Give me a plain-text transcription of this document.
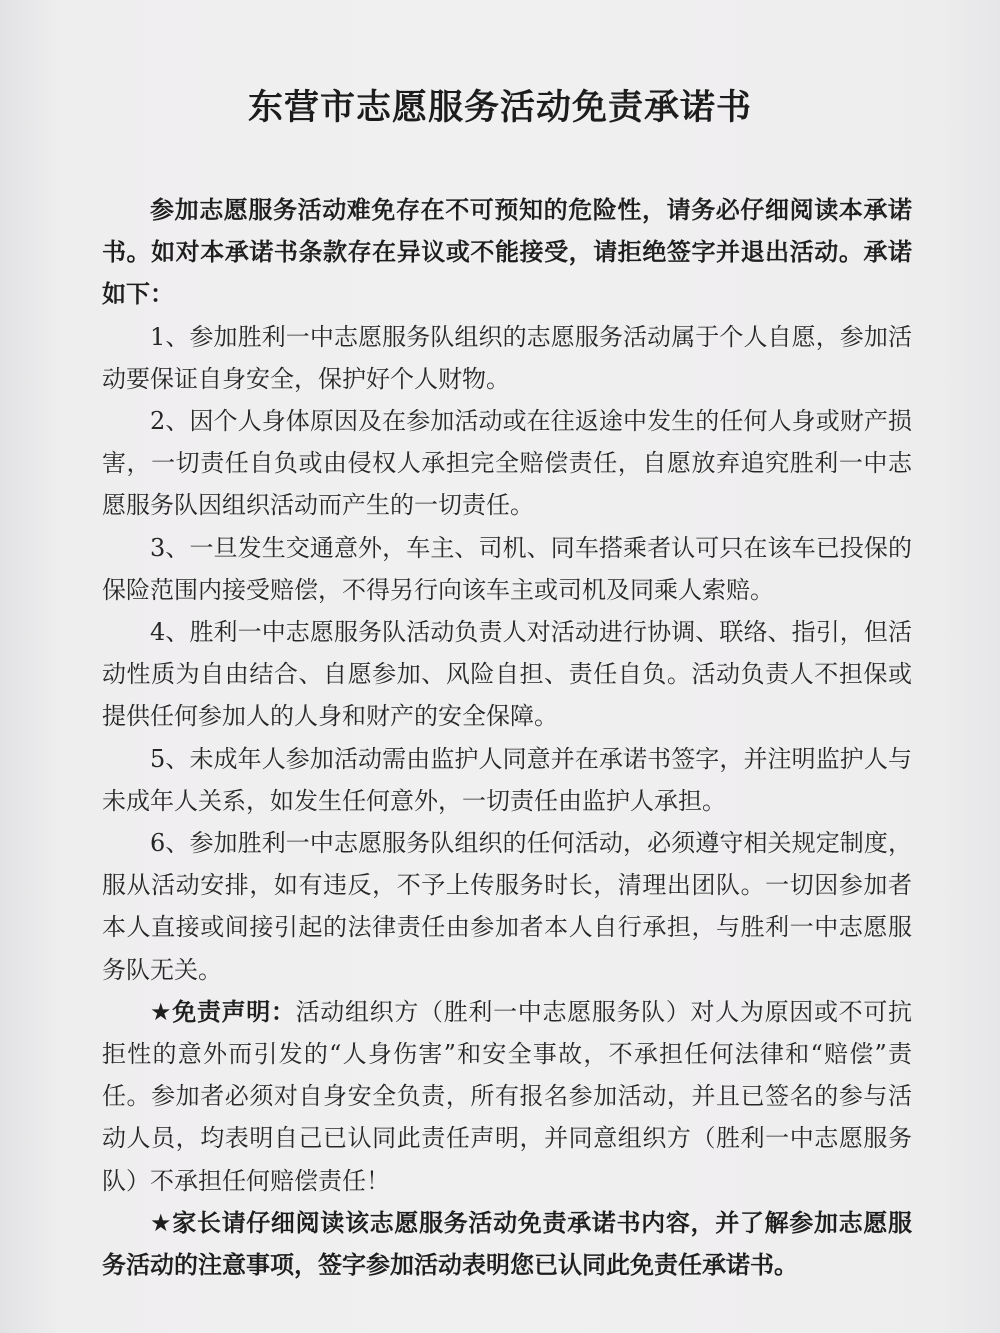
东营市志愿服务活动免责承诺书

参加志愿服务活动难免存在不可预知的危险性，请务必仔细阅读本承诺书。如对本承诺书条款存在异议或不能接受，请拒绝签字并退出活动。承诺如下：

1、参加胜利一中志愿服务队组织的志愿服务活动属于个人自愿，参加活动要保证自身安全，保护好个人财物。

2、因个人身体原因及在参加活动或在往返途中发生的任何人身或财产损害，一切责任自负或由侵权人承担完全赔偿责任，自愿放弃追究胜利一中志愿服务队因组织活动而产生的一切责任。

3、一旦发生交通意外，车主、司机、同车搭乘者认可只在该车已投保的保险范围内接受赔偿，不得另行向该车主或司机及同乘人索赔。

4、胜利一中志愿服务队活动负责人对活动进行协调、联络、指引，但活动性质为自由结合、自愿参加、风险自担、责任自负。活动负责人不担保或提供任何参加人的人身和财产的安全保障。

5、未成年人参加活动需由监护人同意并在承诺书签字，并注明监护人与未成年人关系，如发生任何意外，一切责任由监护人承担。

6、参加胜利一中志愿服务队组织的任何活动，必须遵守相关规定制度，服从活动安排，如有违反，不予上传服务时长，清理出团队。一切因参加者本人直接或间接引起的法律责任由参加者本人自行承担，与胜利一中志愿服务队无关。

★免责声明：活动组织方（胜利一中志愿服务队）对人为原因或不可抗拒性的意外而引发的“人身伤害”和安全事故，不承担任何法律和“赔偿”责任。参加者必须对自身安全负责，所有报名参加活动，并且已签名的参与活动人员，均表明自己已认同此责任声明，并同意组织方（胜利一中志愿服务队）不承担任何赔偿责任！

★家长请仔细阅读该志愿服务活动免责承诺书内容，并了解参加志愿服务活动的注意事项，签字参加活动表明您已认同此免责任承诺书。
